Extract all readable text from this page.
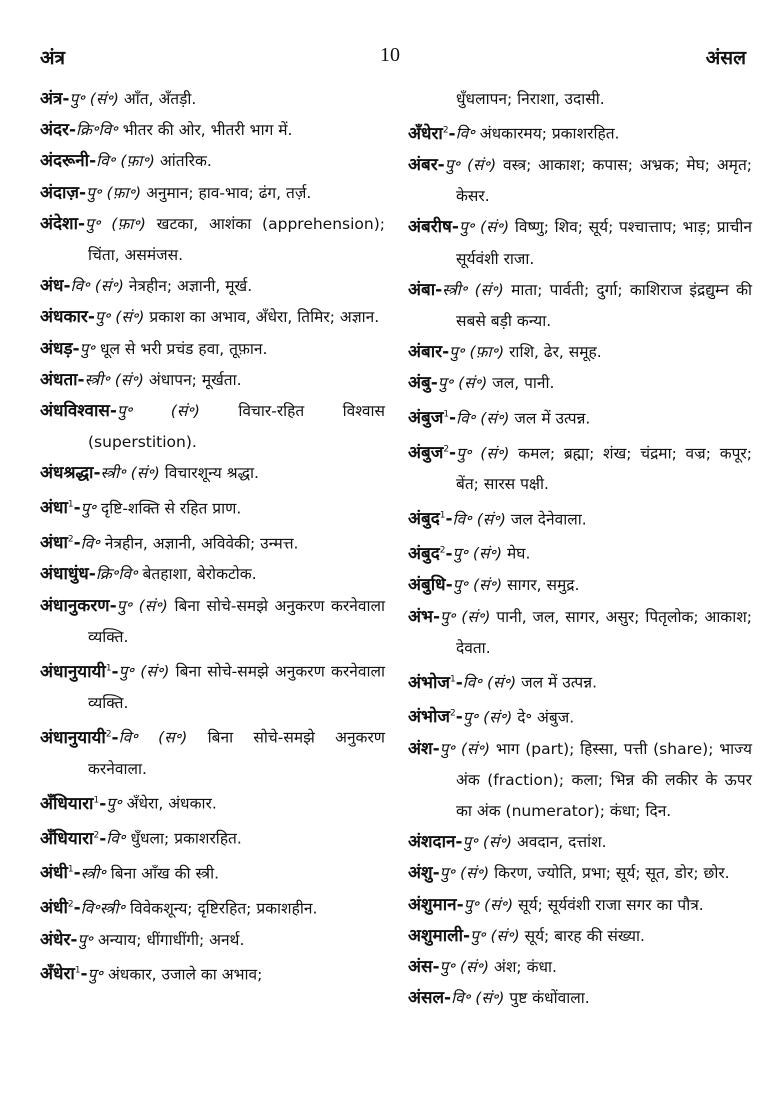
अंत्र	10	अंसल
अंत्र-पु॰ (सं॰) आँत, अँतड़ी.
अंदर-क्रि॰वि॰ भीतर की ओर, भीतरी भाग में.
अंदरूनी-वि॰ (फ़ा॰) आंतरिक.
अंदाज़-पु॰ (फ़ा॰) अनुमान; हाव-भाव; ढंग, तर्ज़.
अंदेशा-पु॰ (फ़ा॰) खटका, आशंका (apprehension); चिंता, असमंजस.
अंध-वि॰ (सं॰) नेत्रहीन; अज्ञानी, मूर्ख.
अंधकार-पु॰ (सं॰) प्रकाश का अभाव, अँधेरा, तिमिर; अज्ञान.
अंधड़-पु॰ धूल से भरी प्रचंड हवा, तूफ़ान.
अंधता-स्त्री॰ (सं॰) अंधापन; मूर्खता.
अंधविश्वास-पु॰ (सं॰) विचार-रहित विश्वास (superstition).
अंधश्रद्धा-स्त्री॰ (सं॰) विचारशून्य श्रद्धा.
अंधा$^1$-पु॰ दृष्टि-शक्ति से रहित प्राण.
अंधा$^2$-वि॰ नेत्रहीन, अज्ञानी, अविवेकी; उन्मत्त.
अंधाधुंध-क्रि॰वि॰ बेतहाशा, बेरोकटोक.
अंधानुकरण-पु॰ (सं॰) बिना सोचे-समझे अनुकरण करनेवाला व्यक्ति.
अंधानुयायी$^1$-पु॰ (सं॰) बिना सोचे-समझे अनुकरण करनेवाला व्यक्ति.
अंधानुयायी$^2$-वि॰ (स॰) बिना सोचे-समझे अनुकरण करनेवाला.
अँधियारा$^1$-पु॰ अँधेरा, अंधकार.
अँधियारा$^2$-वि॰ धुँधला; प्रकाशरहित.
अंधी$^1$-स्त्री॰ बिना आँख की स्त्री.
अंधी$^2$-वि॰स्त्री॰ विवेकशून्य; दृष्टिरहित; प्रकाशहीन.
अंधेर-पु॰ अन्याय; धींगाधींगी; अनर्थ.
अँधेरा$^1$-पु॰ अंधकार, उजाले का अभाव;
धुँधलापन; निराशा, उदासी.
अँधेरा$^2$-वि॰ अंधकारमय; प्रकाशरहित.
अंबर-पु॰ (सं॰) वस्त्र; आकाश; कपास; अभ्रक; मेघ; अमृत; केसर.
अंबरीष-पु॰ (सं॰) विष्णु; शिव; सूर्य; पश्चात्ताप; भाड़; प्राचीन सूर्यवंशी राजा.
अंबा-स्त्री॰ (सं॰) माता; पार्वती; दुर्गा; काशिराज इंद्रद्युम्न की सबसे बड़ी कन्या.
अंबार-पु॰ (फ़ा॰) राशि, ढेर, समूह.
अंबु-पु॰ (सं॰) जल, पानी.
अंबुज$^1$-वि॰ (सं॰) जल में उत्पन्न.
अंबुज$^2$-पु॰ (सं॰) कमल; ब्रह्मा; शंख; चंद्रमा; वज्र; कपूर; बेंत; सारस पक्षी.
अंबुद$^1$-वि॰ (सं॰) जल देनेवाला.
अंबुद$^2$-पु॰ (सं॰) मेघ.
अंबुधि-पु॰ (सं॰) सागर, समुद्र.
अंभ-पु॰ (सं॰) पानी, जल, सागर, असुर; पितृलोक; आकाश; देवता.
अंभोज$^1$-वि॰ (सं॰) जल में उत्पन्न.
अंभोज$^2$-पु॰ (सं॰) दे॰ अंबुज.
अंश-पु॰ (सं॰) भाग (part); हिस्सा, पत्ती (share); भाज्य अंक (fraction); कला; भिन्न की लकीर के ऊपर का अंक (numerator); कंधा; दिन.
अंशदान-पु॰ (सं॰) अवदान, दत्तांश.
अंशु-पु॰ (सं॰) किरण, ज्योति, प्रभा; सूर्य; सूत, डोर; छोर.
अंशुमान-पु॰ (सं॰) सूर्य; सूर्यवंशी राजा सगर का पौत्र.
अशुमाली-पु॰ (सं॰) सूर्य; बारह की संख्या.
अंस-पु॰ (सं॰) अंश; कंधा.
अंसल-वि॰ (सं॰) पुष्ट कंधोंवाला.
